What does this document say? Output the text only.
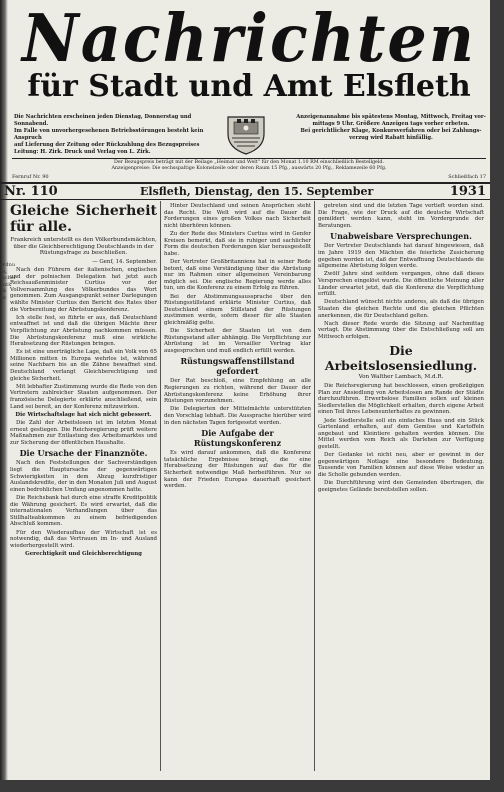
Nachrichten
für Stadt und Amt Elsfleth
Die Nachrichten erscheinen jeden Dienstag, Donnerstag und Sonnabend.
Im Falle von unvorhergesehenen Betriebsstörungen besteht kein Anspruch
auf Lieferung der Zeitung oder Rückzahlung des Bezugspreises
Leitung: H. Zirk. Druck und Verlag von L. Zirk.
Anzeigenannahme bis spätestens Montag, Mittwoch, Freitag vor-
mittags 9 Uhr. Größere Anzeigen tags vorher erbeten.
Bei gerichtlicher Klage, Konkursverfahren oder bei Zahlungs-
verzug wird Rabatt hinfällig.
Der Bezugspreis beträgt mit der Beilage „Heimat und Welt" für den Monat 1.10 RM einschließlich Bestellgeld.
Anzeigenpreise: Die sechsspaltige Kolonelzeile oder deren Raum 15 Pfg., auswärts 20 Pfg., Reklamezeile 60 Pfg.
Fernruf Nr. 90	Schließfach 17
Nr. 110	Elsfleth, Dienstag, den 15. September	1931
ordnu
us,
lücher
entk
nk
ist

Gleiche Sicherheit für alle.

Frankreich unterstellt es den Völkerbundsmächten, über die Gleichberechtigung Deutschlands in der Rüstungsfrage zu beschließen.

— Genf, 14. September.

Nach den Führern der italienischen, englischen und der polnischen Delegation hat jetzt auch Reichsaußenminister Curtius vor der Vollversammlung des Völkerbundes das Wort genommen. Zum Ausgangspunkt seiner Darlegungen wählte Minister Curtius den Bericht des Rates über die Vorbereitung der Abrüstungskonferenz.

Ich stelle fest, so führte er aus, daß Deutschland entwaffnet ist und daß die übrigen Mächte ihrer Verpflichtung zur Abrüstung nachkommen müssen. Die Abrüstungskonferenz muß eine wirkliche Herabsetzung der Rüstungen bringen.

Es ist eine unerträgliche Lage, daß ein Volk von 65 Millionen mitten in Europa wehrlos ist, während seine Nachbarn bis an die Zähne bewaffnet sind. Deutschland verlangt Gleichberechtigung und gleiche Sicherheit.

Mit lebhafter Zustimmung wurde die Rede von den Vertretern zahlreicher Staaten aufgenommen. Der französische Delegierte erklärte anschließend, sein Land sei bereit, an der Konferenz mitzuwirken.

Die Wirtschaftslage hat sich nicht gebessert.

Die Zahl der Arbeitslosen ist im letzten Monat erneut gestiegen. Die Reichsregierung prüft weitere Maßnahmen zur Entlastung des Arbeitsmarktes und zur Sicherung der öffentlichen Haushalte.

Die Ursache der Finanznöte.

Nach den Feststellungen der Sachverständigen liegt die Hauptursache der gegenwärtigen Schwierigkeiten in dem Abzug kurzfristiger Auslandskredite, der in den Monaten Juli und August einen bedrohlichen Umfang angenommen hatte.

Die Reichsbank hat durch eine straffe Kreditpolitik die Währung gesichert. Es wird erwartet, daß die internationalen Verhandlungen über das Stillhalteabkommen zu einem befriedigenden Abschluß kommen.

Für den Wiederaufbau der Wirtschaft ist es notwendig, daß das Vertrauen im In- und Ausland wiederhergestellt wird.

Gerechtigkeit und Gleichberechtigung

Hinter Deutschland und seinen Ansprüchen steht das Recht. Die Welt wird auf die Dauer die Forderungen eines großen Volkes nach Sicherheit nicht überhören können.

Zu der Rede des Ministers Curtius wird in Genfer Kreisen bemerkt, daß sie in ruhiger und sachlicher Form die deutschen Forderungen klar herausgestellt habe.

Der Vertreter Großbritanniens hat in seiner Rede betont, daß eine Verständigung über die Abrüstung nur im Rahmen einer allgemeinen Vereinbarung möglich sei. Die englische Regierung werde alles tun, um die Konferenz zu einem Erfolg zu führen.

Bei der Abstimmungsaussprache über den Rüstungsstillstand erklärte Minister Curtius, daß Deutschland einem Stillstand der Rüstungen zustimmen werde, sofern dieser für alle Staaten gleichmäßig gelte.

Die Sicherheit der Staaten ist von dem Rüstungsstand aller abhängig. Die Verpflichtung zur Abrüstung ist im Versailler Vertrag klar ausgesprochen und muß endlich erfüllt werden.

Rüstungswaffenstillstand gefordert

Der Rat beschloß, eine Empfehlung an alle Regierungen zu richten, während der Dauer der Abrüstungskonferenz keine Erhöhung ihrer Rüstungen vorzunehmen.

Die Delegierten der Mittelmächte unterstützten den Vorschlag lebhaft. Die Aussprache hierüber wird in den nächsten Tagen fortgesetzt werden.

Die Aufgabe der Rüstungskonferenz

Es wird darauf ankommen, daß die Konferenz tatsächliche Ergebnisse bringt, die eine Herabsetzung der Rüstungen auf das für die Sicherheit notwendige Maß herbeiführen. Nur so kann der Frieden Europas dauerhaft gesichert werden.

getreten sind und die letzten Tage vertieft worden sind. Die Frage, wie der Druck auf die deutsche Wirtschaft gemildert werden kann, steht im Vordergrunde der Beratungen.

Unabweisbare Versprechungen.

Der Vertreter Deutschlands hat darauf hingewiesen, daß im Jahre 1919 den Mächten die feierliche Zusicherung gegeben worden ist, daß der Entwaffnung Deutschlands die allgemeine Abrüstung folgen werde.

Zwölf Jahre sind seitdem vergangen, ohne daß dieses Versprechen eingelöst wurde. Die öffentliche Meinung aller Länder erwartet jetzt, daß die Konferenz die Verpflichtung erfüllt.

Deutschland wünscht nichts anderes, als daß die übrigen Staaten die gleichen Rechte und die gleichen Pflichten anerkennen, die für Deutschland gelten.

Nach dieser Rede wurde die Sitzung auf Nachmittag vertagt. Die Abstimmung über die Entschließung soll am Mittwoch erfolgen.

Die Arbeitslosensiedlung.

Von Walther Lambach, M.d.R.

Die Reichsregierung hat beschlossen, einen großzügigen Plan zur Ansiedlung von Arbeitslosen am Rande der Städte durchzuführen. Erwerbslose Familien sollen auf kleinen Siedlerstellen die Möglichkeit erhalten, durch eigene Arbeit einen Teil ihres Lebensunterhaltes zu gewinnen.

Jede Siedlerstelle soll ein einfaches Haus und ein Stück Gartenland erhalten, auf dem Gemüse und Kartoffeln angebaut und Kleintiere gehalten werden können. Die Mittel werden vom Reich als Darlehen zur Verfügung gestellt.

Der Gedanke ist nicht neu, aber er gewinnt in der gegenwärtigen Notlage eine besondere Bedeutung. Tausende von Familien können auf diese Weise wieder an die Scholle gebunden werden.

Die Durchführung wird den Gemeinden übertragen, die geeignetes Gelände bereitstellen sollen.
